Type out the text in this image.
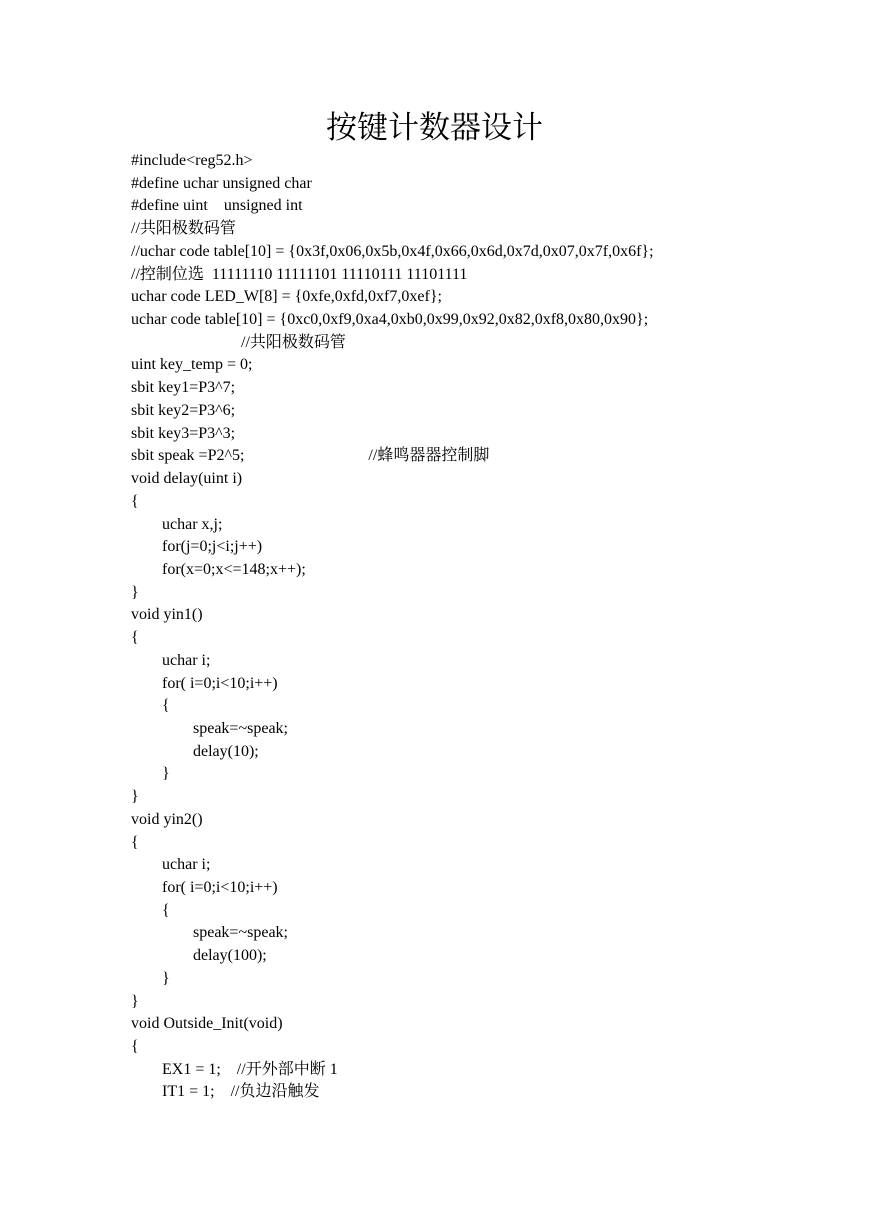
按键计数器设计
#include<reg52.h>
#define uchar unsigned char
#define uint    unsigned int
//共阳极数码管
//uchar code table[10] = {0x3f,0x06,0x5b,0x4f,0x66,0x6d,0x7d,0x07,0x7f,0x6f};
//控制位选  11111110 11111101 11110111 11101111
uchar code LED_W[8] = {0xfe,0xfd,0xf7,0xef};
uchar code table[10] = {0xc0,0xf9,0xa4,0xb0,0x99,0x92,0x82,0xf8,0x80,0x90};
//共阳极数码管
uint key_temp = 0;
sbit key1=P3^7;
sbit key2=P3^6;
sbit key3=P3^3;
sbit speak =P2^5;                               //蜂鸣器器控制脚
void delay(uint i)
{
uchar x,j;
for(j=0;j<i;j++)
for(x=0;x<=148;x++);
}
void yin1()
{
uchar i;
for( i=0;i<10;i++)
{
speak=~speak;
delay(10);
}
}
void yin2()
{
uchar i;
for( i=0;i<10;i++)
{
speak=~speak;
delay(100);
}
}
void Outside_Init(void)
{
EX1 = 1;    //开外部中断 1
IT1 = 1;    //负边沿触发
